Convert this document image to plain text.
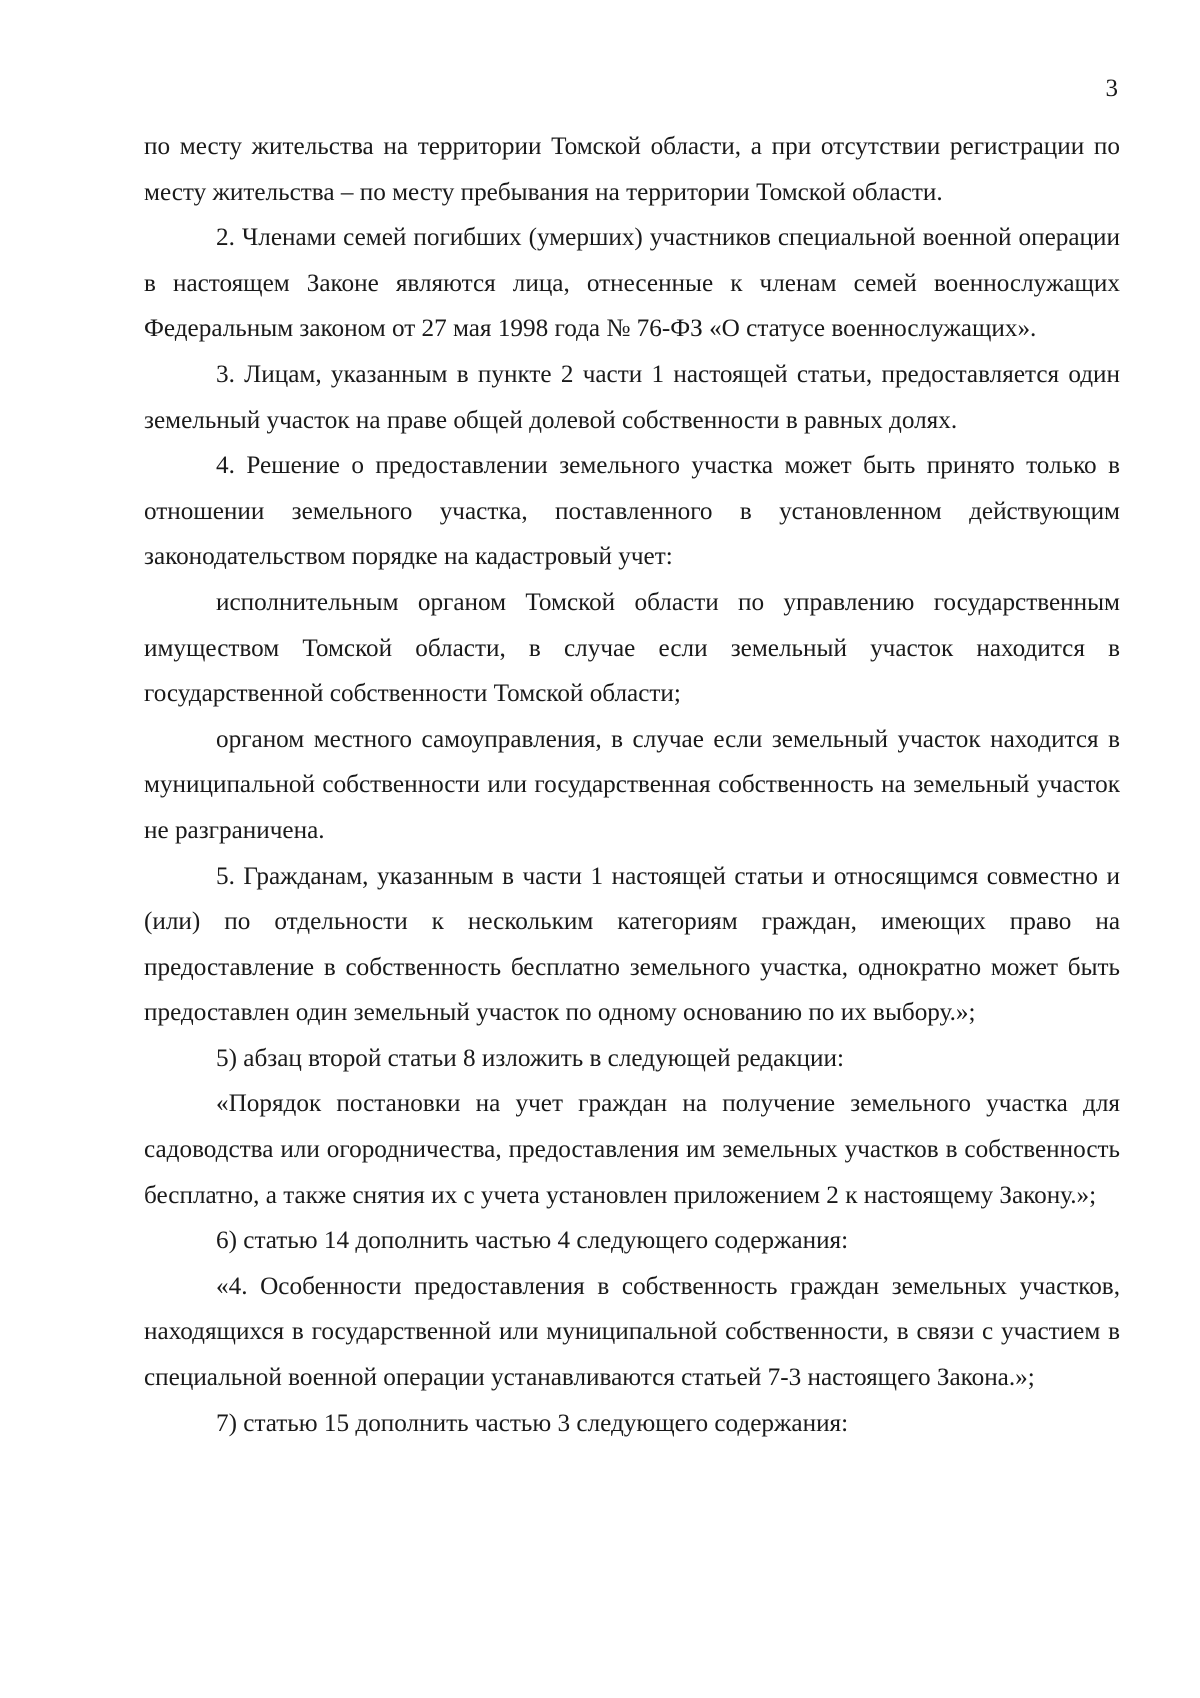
3

по месту жительства на территории Томской области, а при отсутствии регистрации по месту жительства – по месту пребывания на территории Томской области.

2. Членами семей погибших (умерших) участников специальной военной операции в настоящем Законе являются лица, отнесенные к членам семей военнослужащих Федеральным законом от 27 мая 1998 года № 76-ФЗ «О статусе военнослужащих».

3. Лицам, указанным в пункте 2 части 1 настоящей статьи, предоставляется один земельный участок на праве общей долевой собственности в равных долях.

4. Решение о предоставлении земельного участка может быть принято только в отношении земельного участка, поставленного в установленном действующим законодательством порядке на кадастровый учет:

исполнительным органом Томской области по управлению государственным имуществом Томской области, в случае если земельный участок находится в государственной собственности Томской области;

органом местного самоуправления, в случае если земельный участок находится в муниципальной собственности или государственная собственность на земельный участок не разграничена.

5. Гражданам, указанным в части 1 настоящей статьи и относящимся совместно и (или) по отдельности к нескольким категориям граждан, имеющих право на предоставление в собственность бесплатно земельного участка, однократно может быть предоставлен один земельный участок по одному основанию по их выбору.»;

5) абзац второй статьи 8 изложить в следующей редакции:

«Порядок постановки на учет граждан на получение земельного участка для садоводства или огородничества, предоставления им земельных участков в собственность бесплатно, а также снятия их с учета установлен приложением 2 к настоящему Закону.»;

6) статью 14 дополнить частью 4 следующего содержания:

«4. Особенности предоставления в собственность граждан земельных участков, находящихся в государственной или муниципальной собственности, в связи с участием в специальной военной операции устанавливаются статьей 7-3 настоящего Закона.»;

7) статью 15 дополнить частью 3 следующего содержания:
